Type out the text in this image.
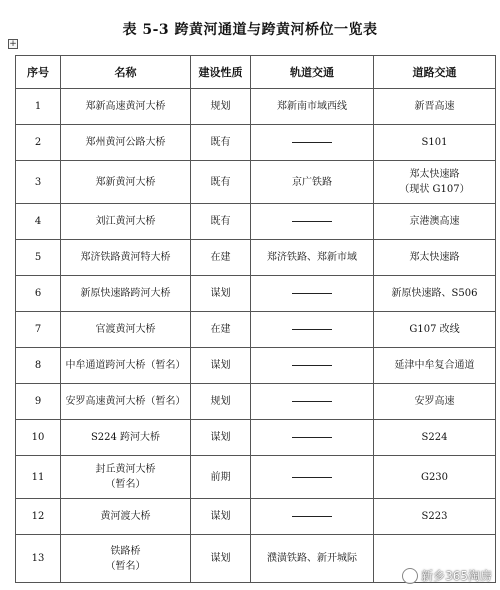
表 5-3 跨黄河通道与跨黄河桥位一览表
+
序号	名称	建设性质	轨道交通	道路交通
1	郑新高速黄河大桥	规划	郑新南市域西线	新晋高速

2	郑州黄河公路大桥	既有		S101

3	郑新黄河大桥	既有	京广铁路	郑太快速路
（现状 G107）

4	刘江黄河大桥	既有		京港澳高速

5	郑济铁路黄河特大桥	在建	郑济铁路、郑新市域	郑太快速路

6	新原快速路跨河大桥	谋划		新原快速路、S506

7	官渡黄河大桥	在建		G107 改线

8	中牟通道跨河大桥（暂名）	谋划		延津中牟复合通道

9	安罗高速黄河大桥（暂名）	规划		安罗高速

10	S224 跨河大桥	谋划		S224

11	封丘黄河大桥
（暂名）	前期		G230

12	黄河渡大桥	谋划		S223

13	铁路桥
（暂名）	谋划	濮潢铁路、新开城际	

新乡365淘房
